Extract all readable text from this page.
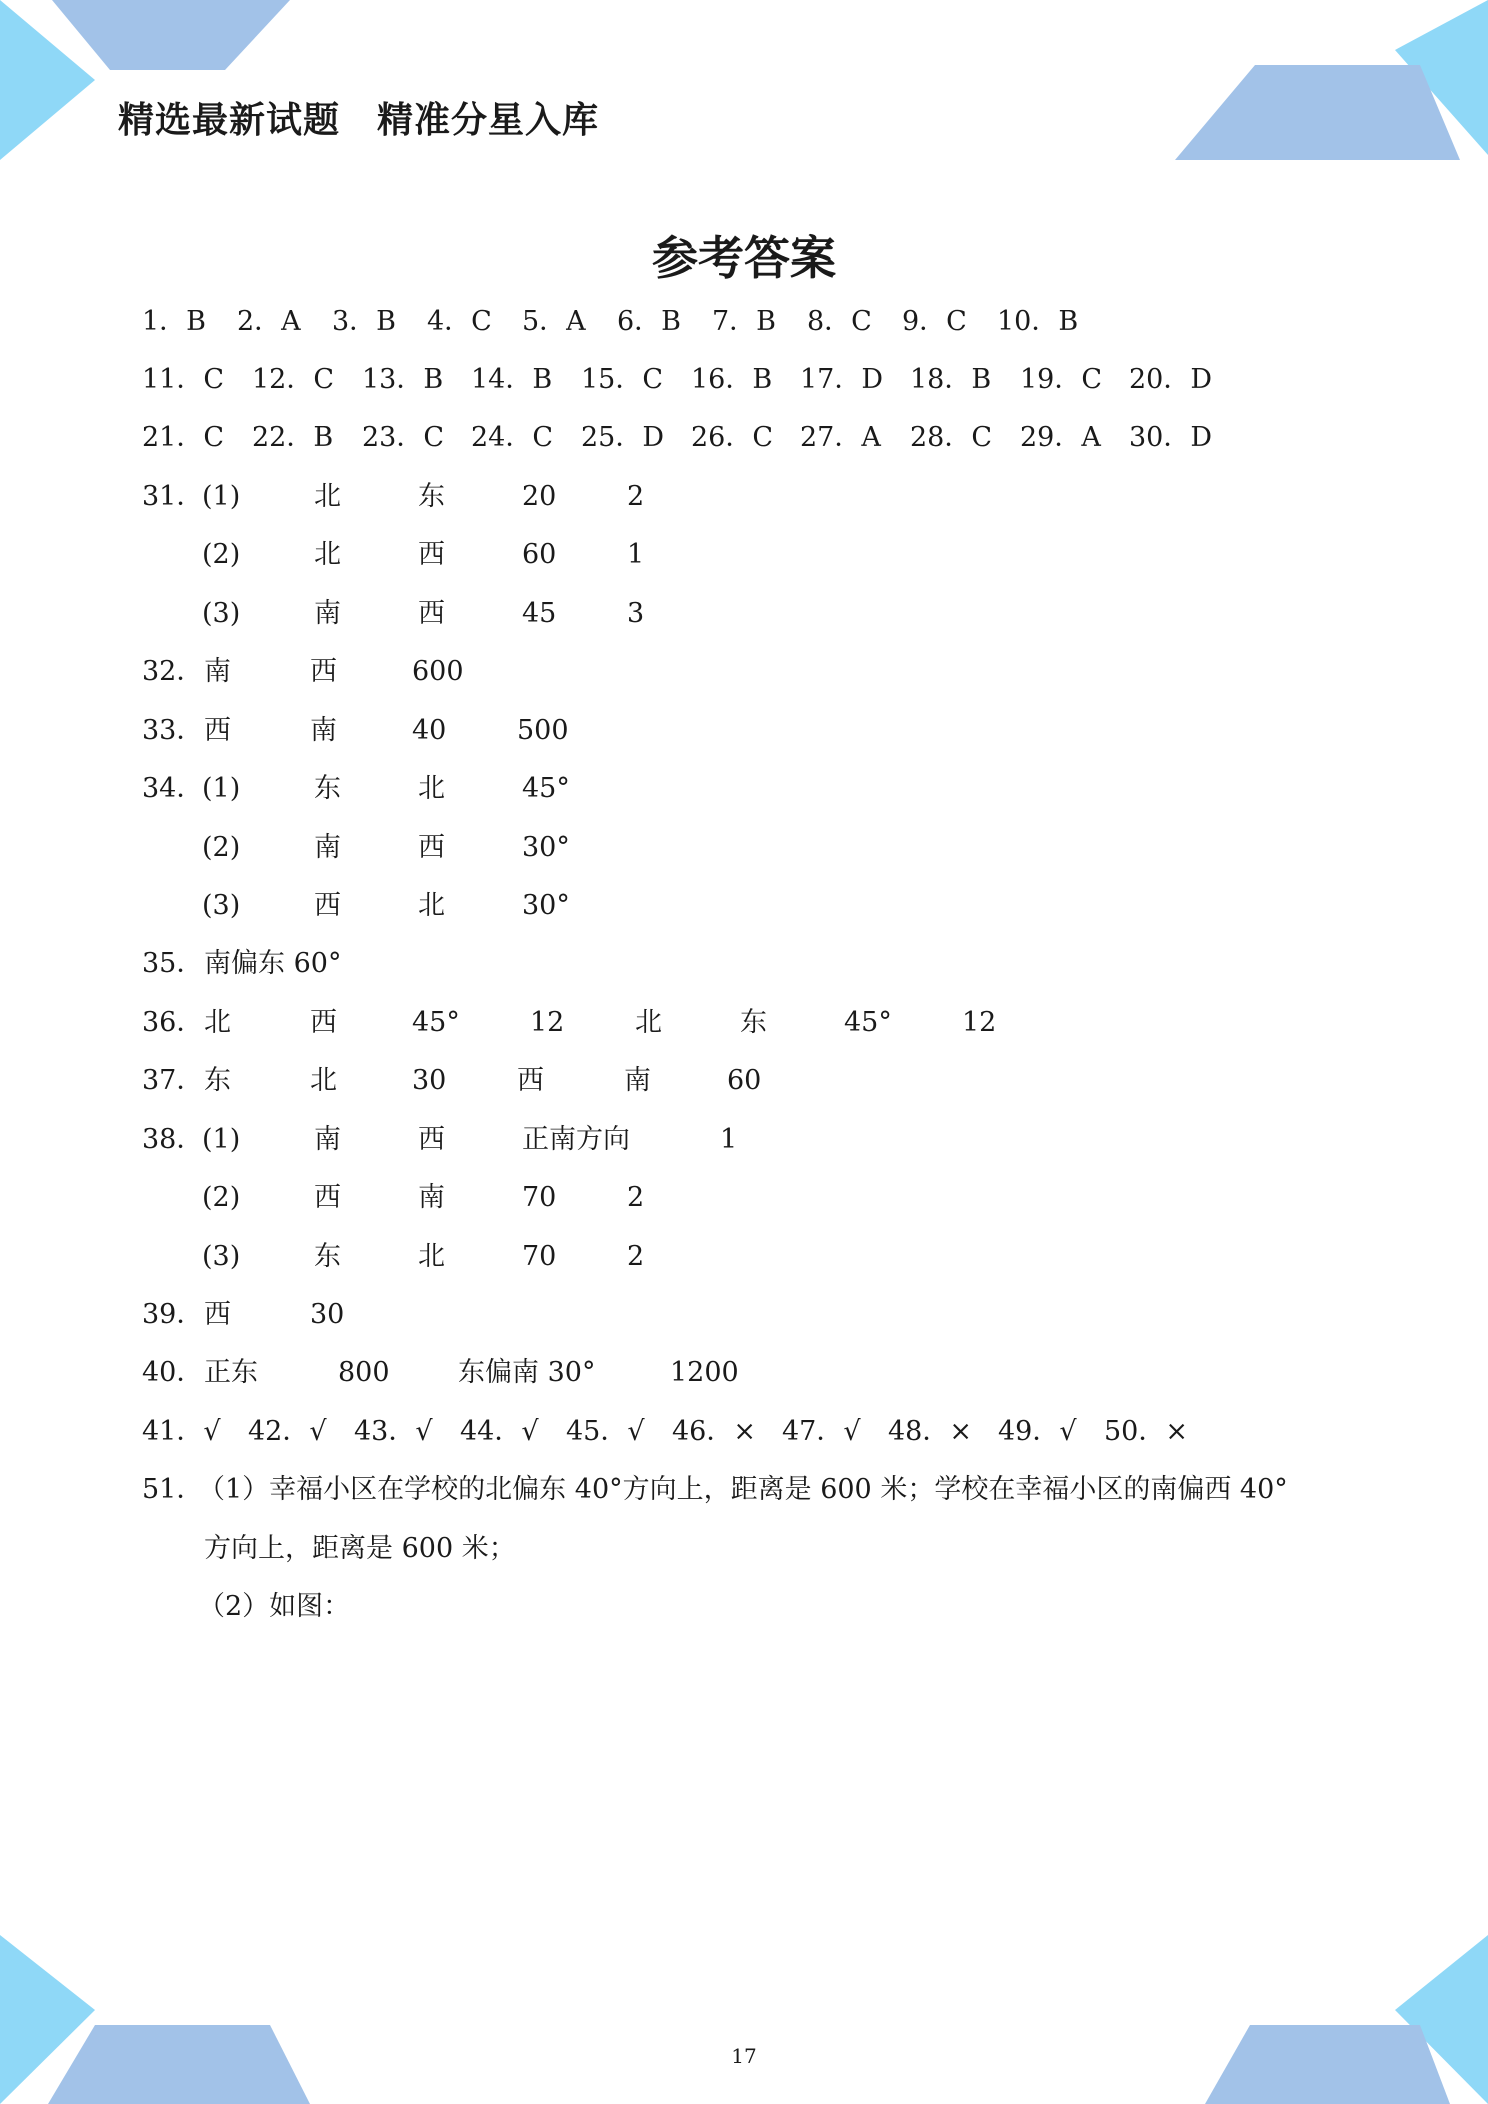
精选最新试题　精准分星入库
参考答案
1．B 2．A 3．B 4．C 5．A 6．B 7．B 8．C 9．C 10．B
11．C 12．C 13．B 14．B 15．C 16．B 17．D 18．B 19．C 20．D
21．C 22．B 23．C 24．C 25．D 26．C 27．A 28．C 29．A 30．D
31．
(1)	北	东	20	2
(2)	北	西	60	1
(3)	南	西	45	3
32． 南	西	600
33． 西	南	40	500
34．
(1)	东	北	45°
(2)	南	西	30°
(3)	西	北	30°
35． 南偏东 60°
36． 北	西	45°	12	北	东	45°	12
37． 东	北	30	西	南	60
38．
(1)	南	西	正南方向	1
(2)	西	南	70	2
(3)	东	北	70	2
39． 西	30
40． 正东	800	东偏南 30°	1200
41．√ 42．√ 43．√ 44．√ 45．√ 46．× 47．√ 48．× 49．√ 50．×
51．
（1）幸福小区在学校的北偏东 40°方向上，距离是 600 米；学校在幸福小区的南偏西 40°
方向上，距离是 600 米；
（2）如图：
17
